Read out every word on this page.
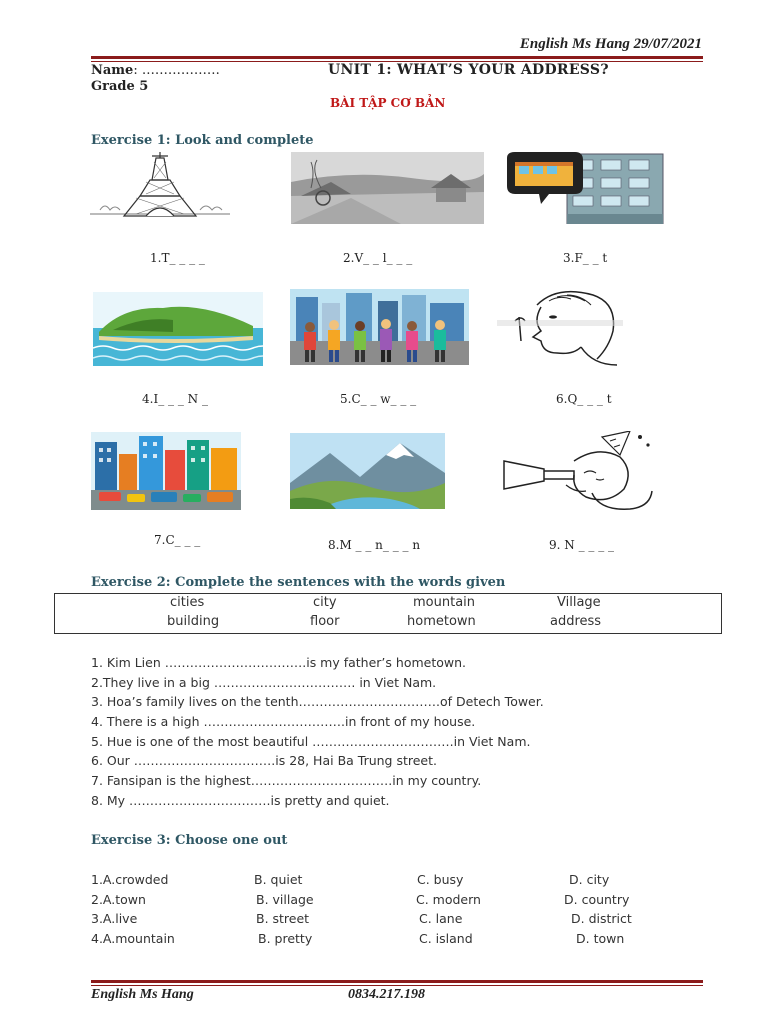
English Ms Hang 29/07/2021
Name: ………………
Grade 5
UNIT 1: WHAT’S YOUR ADDRESS?
BÀI TẬP CƠ BẢN
Exercise 1: Look and complete
1.T_ _ _ _	2.V_ _ l_ _ _	3.F_ _ t
4.I_ _ _ N _	5.C_ _ w_ _ _	6.Q_ _ _ t
7.C_ _ _	8.M _ _ n_ _ _ n	9. N _ _ _ _
Exercise 2: Complete the sentences with the words given
cities	city	mountain	Village
building	floor	hometown	address
1. Kim Lien …………………………….is my father’s hometown.
2.They live in a big ……………………………. in Viet Nam.
3. Hoa’s family lives on the tenth…………………………….of Detech Tower.
4. There is a high …………………………….in front of my house.
5. Hue is one of the most beautiful …………………………….in Viet Nam.
6. Our …………………………….is 28, Hai Ba Trung street.
7. Fansipan is the highest…………………………….in my country.
8. My …………………………….is pretty and quiet.
Exercise 3: Choose one out
1.A.crowded	B. quiet	C. busy	D. city
2.A.town	B. village	C. modern	D. country
3.A.live	B. street	C. lane	D. district
4.A.mountain	B. pretty	C. island	D. town
English Ms Hang	0834.217.198
